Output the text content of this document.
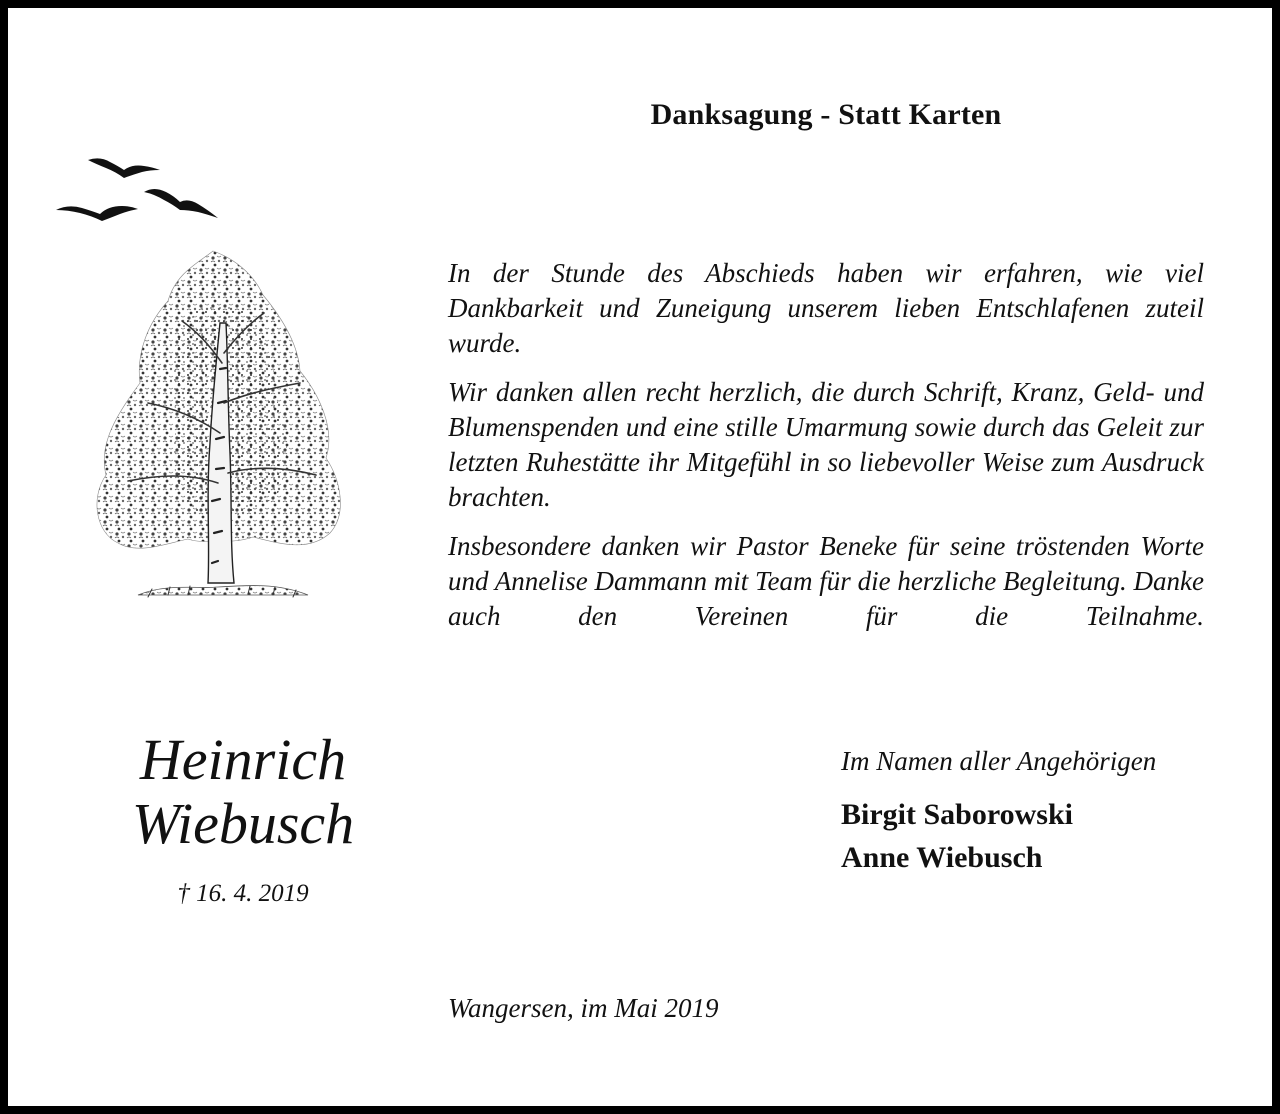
Danksagung - Statt Karten

In der Stunde des Abschieds haben wir erfahren, wie viel Dankbarkeit und Zuneigung unserem lieben Entschlafenen zuteil wurde.

Wir danken allen recht herzlich, die durch Schrift, Kranz, Geld- und Blumenspenden und eine stille Umarmung sowie durch das Geleit zur letzten Ruhestätte ihr Mitgefühl in so liebevoller Weise zum Ausdruck brachten.

Insbesondere danken wir Pastor Beneke für seine tröstenden Worte und Annelise Dammann mit Team für die herzliche Begleitung. Danke auch den Vereinen für die Teilnahme.

Heinrich
Wiebusch
† 16. 4. 2019
Im Namen aller Angehörigen
Birgit Saborowski
Anne Wiebusch
Wangersen, im Mai 2019
